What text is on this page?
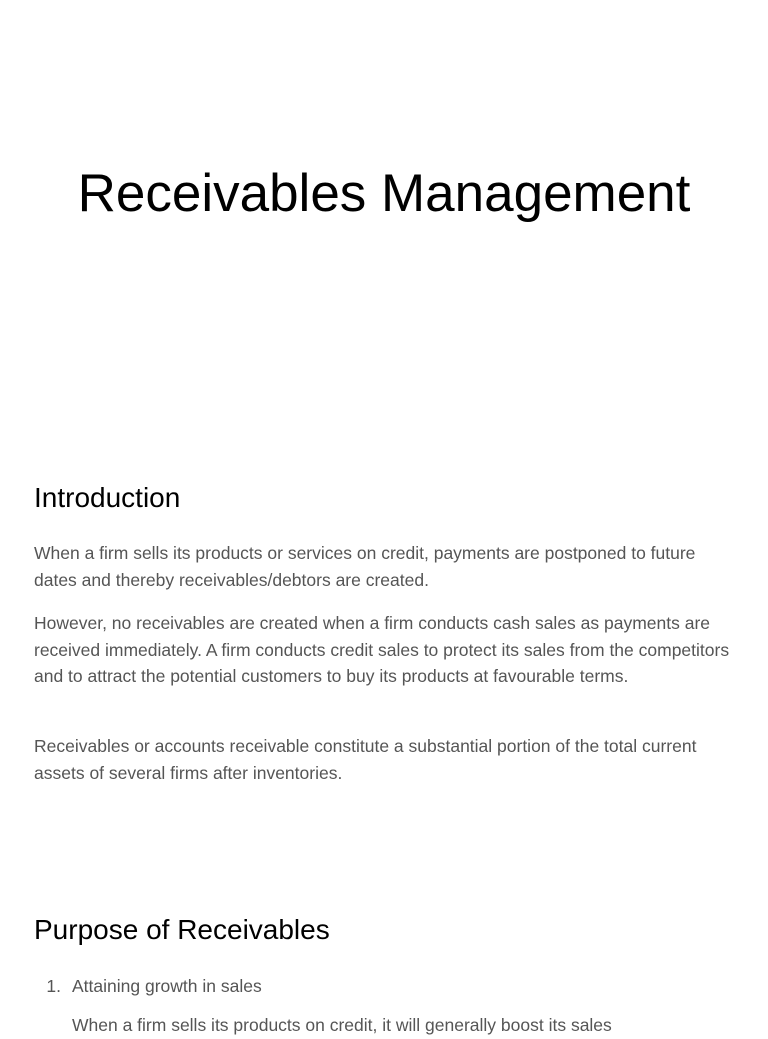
Receivables Management
Introduction

When a firm sells its products or services on credit, payments are postponed to future dates and thereby receivables/debtors are created.

However, no receivables are created when a firm conducts cash sales as payments are received immediately. A firm conducts credit sales to protect its sales from the competitors and to attract the potential customers to buy its products at favourable terms.

Receivables or accounts receivable constitute a substantial portion of the total current assets of several firms after inventories.

Purpose of Receivables
1. Attaining growth in sales
When a firm sells its products on credit, it will generally boost its sales
